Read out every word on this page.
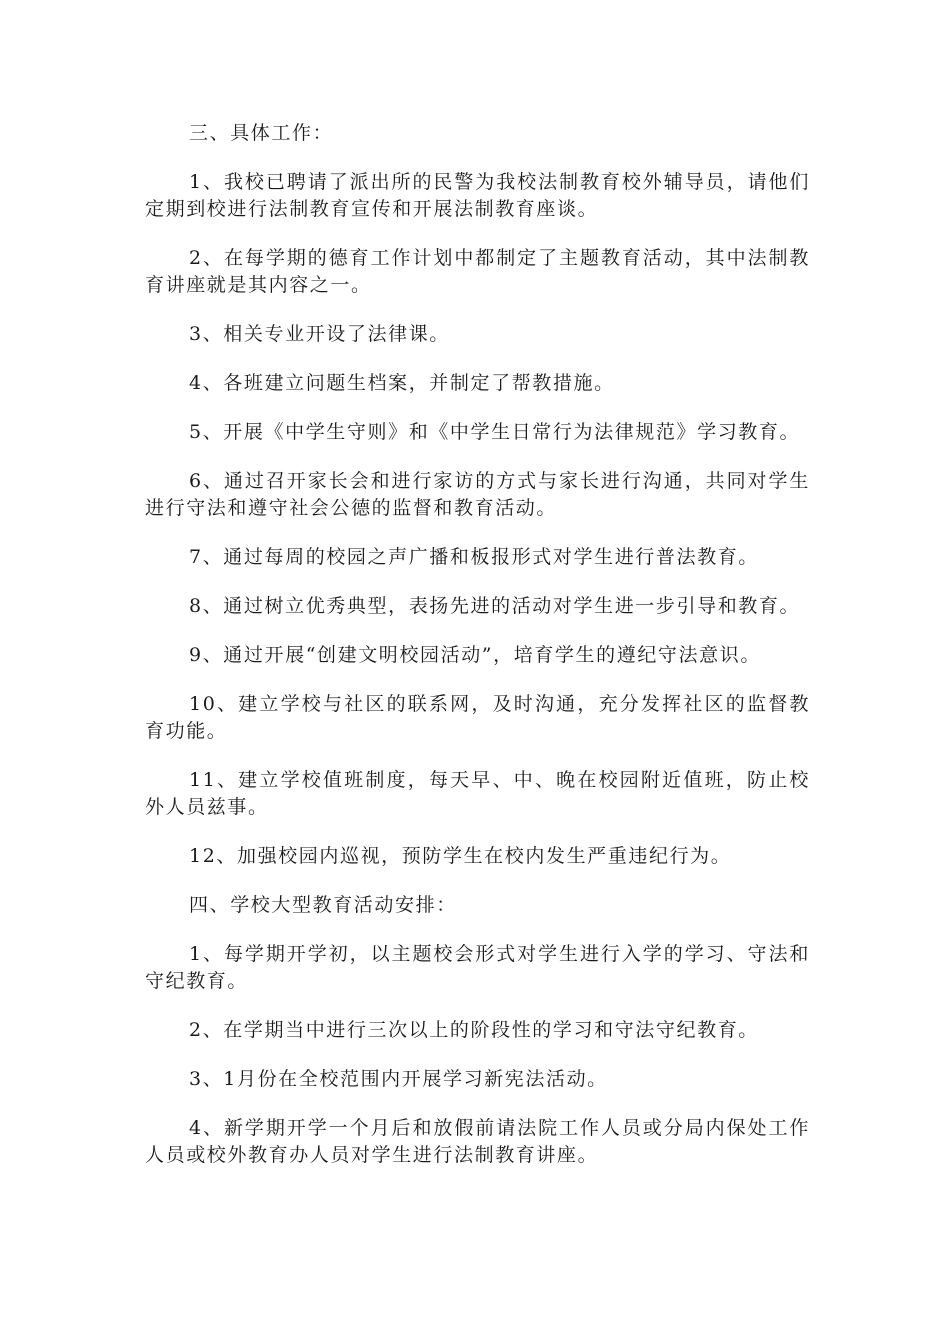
三、具体工作：

1、我校已聘请了派出所的民警为我校法制教育校外辅导员，请他们定期到校进行法制教育宣传和开展法制教育座谈。

2、在每学期的德育工作计划中都制定了主题教育活动，其中法制教育讲座就是其内容之一。

3、相关专业开设了法律课。

4、各班建立问题生档案，并制定了帮教措施。

5、开展《中学生守则》和《中学生日常行为法律规范》学习教育。

6、通过召开家长会和进行家访的方式与家长进行沟通，共同对学生进行守法和遵守社会公德的监督和教育活动。

7、通过每周的校园之声广播和板报形式对学生进行普法教育。

8、通过树立优秀典型，表扬先进的活动对学生进一步引导和教育。

9、通过开展“创建文明校园活动”，培育学生的遵纪守法意识。

10、建立学校与社区的联系网，及时沟通，充分发挥社区的监督教育功能。

11、建立学校值班制度，每天早、中、晚在校园附近值班，防止校外人员兹事。

12、加强校园内巡视，预防学生在校内发生严重违纪行为。

四、学校大型教育活动安排：

1、每学期开学初，以主题校会形式对学生进行入学的学习、守法和守纪教育。

2、在学期当中进行三次以上的阶段性的学习和守法守纪教育。

3、1月份在全校范围内开展学习新宪法活动。

4、新学期开学一个月后和放假前请法院工作人员或分局内保处工作人员或校外教育办人员对学生进行法制教育讲座。
